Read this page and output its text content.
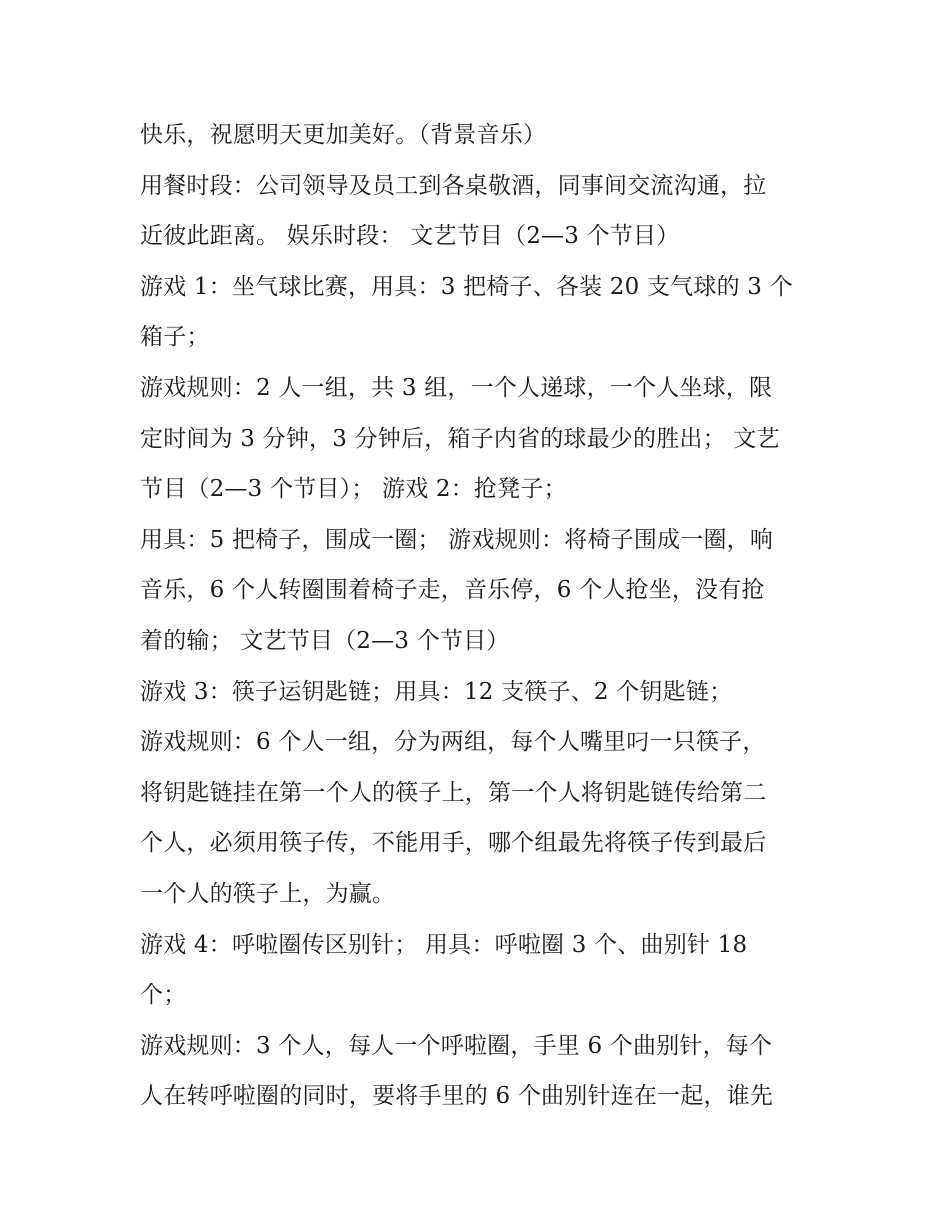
快乐，祝愿明天更加美好。（背景音乐）
用餐时段：公司领导及员工到各桌敬酒，同事间交流沟通，拉
近彼此距离。 娱乐时段： 文艺节目（2—3 个节目）
游戏 1：坐气球比赛，用具：3 把椅子、各装 20 支气球的 3 个
箱子；
游戏规则：2 人一组，共 3 组，一个人递球，一个人坐球，限
定时间为 3 分钟，3 分钟后，箱子内省的球最少的胜出； 文艺
节目（2—3 个节目）； 游戏 2：抢凳子；
用具：5 把椅子，围成一圈； 游戏规则：将椅子围成一圈，响
音乐，6 个人转圈围着椅子走，音乐停，6 个人抢坐，没有抢
着的输； 文艺节目（2—3 个节目）
游戏 3：筷子运钥匙链；用具：12 支筷子、2 个钥匙链；
游戏规则：6 个人一组，分为两组，每个人嘴里叼一只筷子，
将钥匙链挂在第一个人的筷子上，第一个人将钥匙链传给第二
个人，必须用筷子传，不能用手，哪个组最先将筷子传到最后
一个人的筷子上，为赢。
游戏 4：呼啦圈传区别针； 用具：呼啦圈 3 个、曲别针 18
个；
游戏规则：3 个人，每人一个呼啦圈，手里 6 个曲别针，每个
人在转呼啦圈的同时，要将手里的 6 个曲别针连在一起，谁先
